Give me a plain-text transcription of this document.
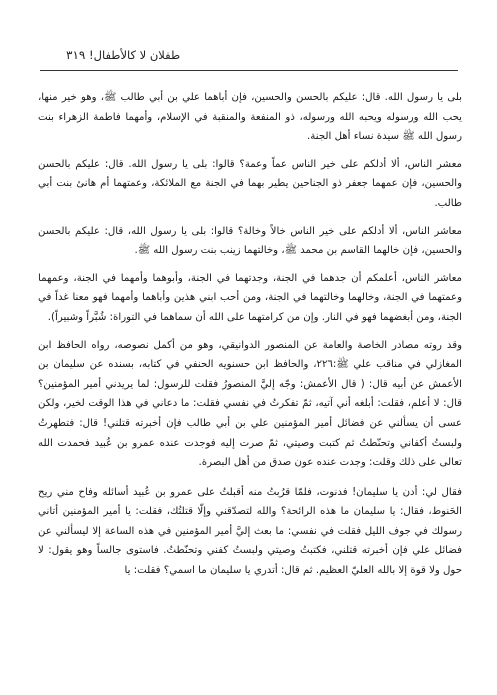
طفلان لا كالأطفال! ٣١٩

بلى يا رسول الله. قال: عليكم بالحسن والحسين، فإن أباهما علي بن أبي طالب ﷺ، وهو خير منها، يحب الله ورسوله ويحبه الله ورسوله، ذو المنفعة والمنقبة في الإسلام، وأمهما فاطمة الزهراء بنت رسول الله ﷺ سيدة نساء أهل الجنة.

معشر الناس، ألا أدلكم على خير الناس عماً وعمة؟ قالوا: بلى يا رسول الله. قال: عليكم بالحسن والحسين، فإن عمهما جعفر ذو الجناحين يطير بهما في الجنة مع الملائكة، وعمتهما أم هانئ بنت أبي طالب.

معاشر الناس، ألا أدلكم على خير الناس خالاً وخالة؟ قالوا: بلى يا رسول الله، قال: عليكم بالحسن والحسين، فإن خالهما القاسم بن محمد ﷺ، وخالتهما زينب بنت رسول الله ﷺ.

معاشر الناس، أعلمكم أن جدهما في الجنة، وجدتهما في الجنة، وأبوهما وأمهما في الجنة، وعمهما وعمتهما في الجنة، وخالهما وخالتهما في الجنة، ومن أحب ابني هذين وأباهما وأمهما فهو معنا غداً في الجنة، ومن أبغضهما فهو في النار. وإن من كرامتهما على الله أن سماهما في التوراة: شُبَّراً وشبيراً).

وقد روته مصادر الخاصة والعامة عن المنصور الدوانيقي، وهو من أكمل نصوصه، رواه الحافظ ابن المغازلي في مناقب علي ﷺ:٢٢٦، والحافظ ابن حسنويه الحنفي في كتابه، بسنده عن سليمان بن الأعمش عن أبيه قال: ( قال الأعمش: وجّه إليَّ المنصورُ فقلت للرسول: لما يريدني أمير المؤمنين؟ قال: لا أعلم، فقلت: أبلغه أني آتيه، ثمّ تفكرتُ في نفسي فقلت: ما دعاني في هذا الوقت لخير، ولكن عسى أن يسألني عن فضائل أمير المؤمنين علي بن أبي طالب فإن أخبرته قتلني! قال: فتطهرتُ ولبستُ أكفاني وتحنّطتُ ثم كتبت وصيتي، ثمّ صرت إليه فوجدت عنده عمرو بن عُبيد فحمدت الله تعالى على ذلك وقلت: وجدت عنده عون صدق من أهل البصرة.

فقال لي: أدن يا سليمان! فدنوت، فلمّا قرُبتُ منه أقبلتُ على عمرو بن عُبيد أسائله وفاح مني ريح الحَنوط، فقال: يا سليمان ما هذه الرائحة؟ والله لتصدّقني وإلّا قتلتُك، فقلت: يا أمير المؤمنين أتاني رسولك في جوف الليل فقلت في نفسي: ما بعث إليَّ أمير المؤمنين في هذه الساعة إلا ليسألني عن فضائل علي فإن أخبرته قتلني، فكتبتُ وصيتي ولبستُ كفني وتحنّطتُ. فاستوى جالساً وهو يقول: لا حول ولا قوة إلا بالله العليّ العظيم. ثم قال: أتدري يا سليمان ما اسمي؟ فقلت: يا
